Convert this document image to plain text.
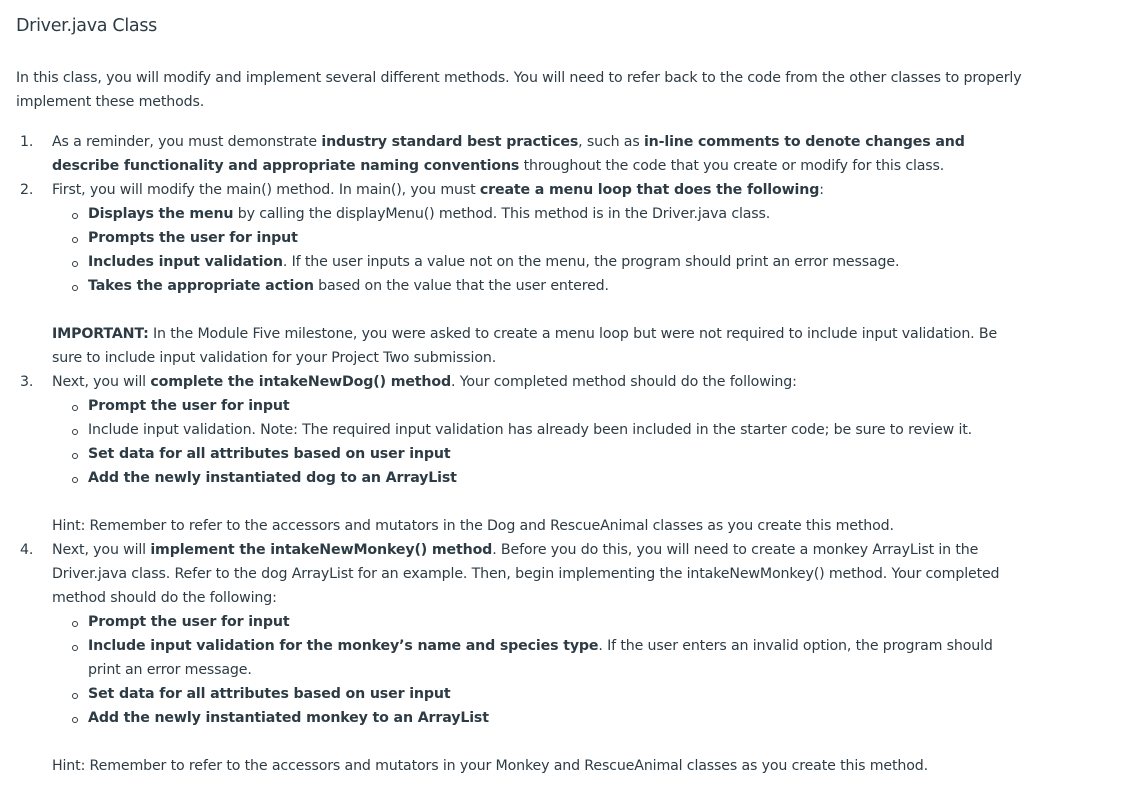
Driver.java Class

In this class, you will modify and implement several different methods. You will need to refer back to the code from the other classes to properly implement these methods.

1. As a reminder, you must demonstrate industry standard best practices, such as in-line comments to denote changes and describe functionality and appropriate naming conventions throughout the code that you create or modify for this class.
2. First, you will modify the main() method. In main(), you must create a menu loop that does the following:
Displays the menu by calling the displayMenu() method. This method is in the Driver.java class.
Prompts the user for input
Includes input validation. If the user inputs a value not on the menu, the program should print an error message.
Takes the appropriate action based on the value that the user entered.
IMPORTANT: In the Module Five milestone, you were asked to create a menu loop but were not required to include input validation. Be sure to include input validation for your Project Two submission.
3. Next, you will complete the intakeNewDog() method. Your completed method should do the following:
Prompt the user for input
Include input validation. Note: The required input validation has already been included in the starter code; be sure to review it.
Set data for all attributes based on user input
Add the newly instantiated dog to an ArrayList
Hint: Remember to refer to the accessors and mutators in the Dog and RescueAnimal classes as you create this method.
4. Next, you will implement the intakeNewMonkey() method. Before you do this, you will need to create a monkey ArrayList in the Driver.java class. Refer to the dog ArrayList for an example. Then, begin implementing the intakeNewMonkey() method. Your completed method should do the following:
Prompt the user for input
Include input validation for the monkey’s name and species type. If the user enters an invalid option, the program should print an error message.
Set data for all attributes based on user input
Add the newly instantiated monkey to an ArrayList
Hint: Remember to refer to the accessors and mutators in your Monkey and RescueAnimal classes as you create this method.
